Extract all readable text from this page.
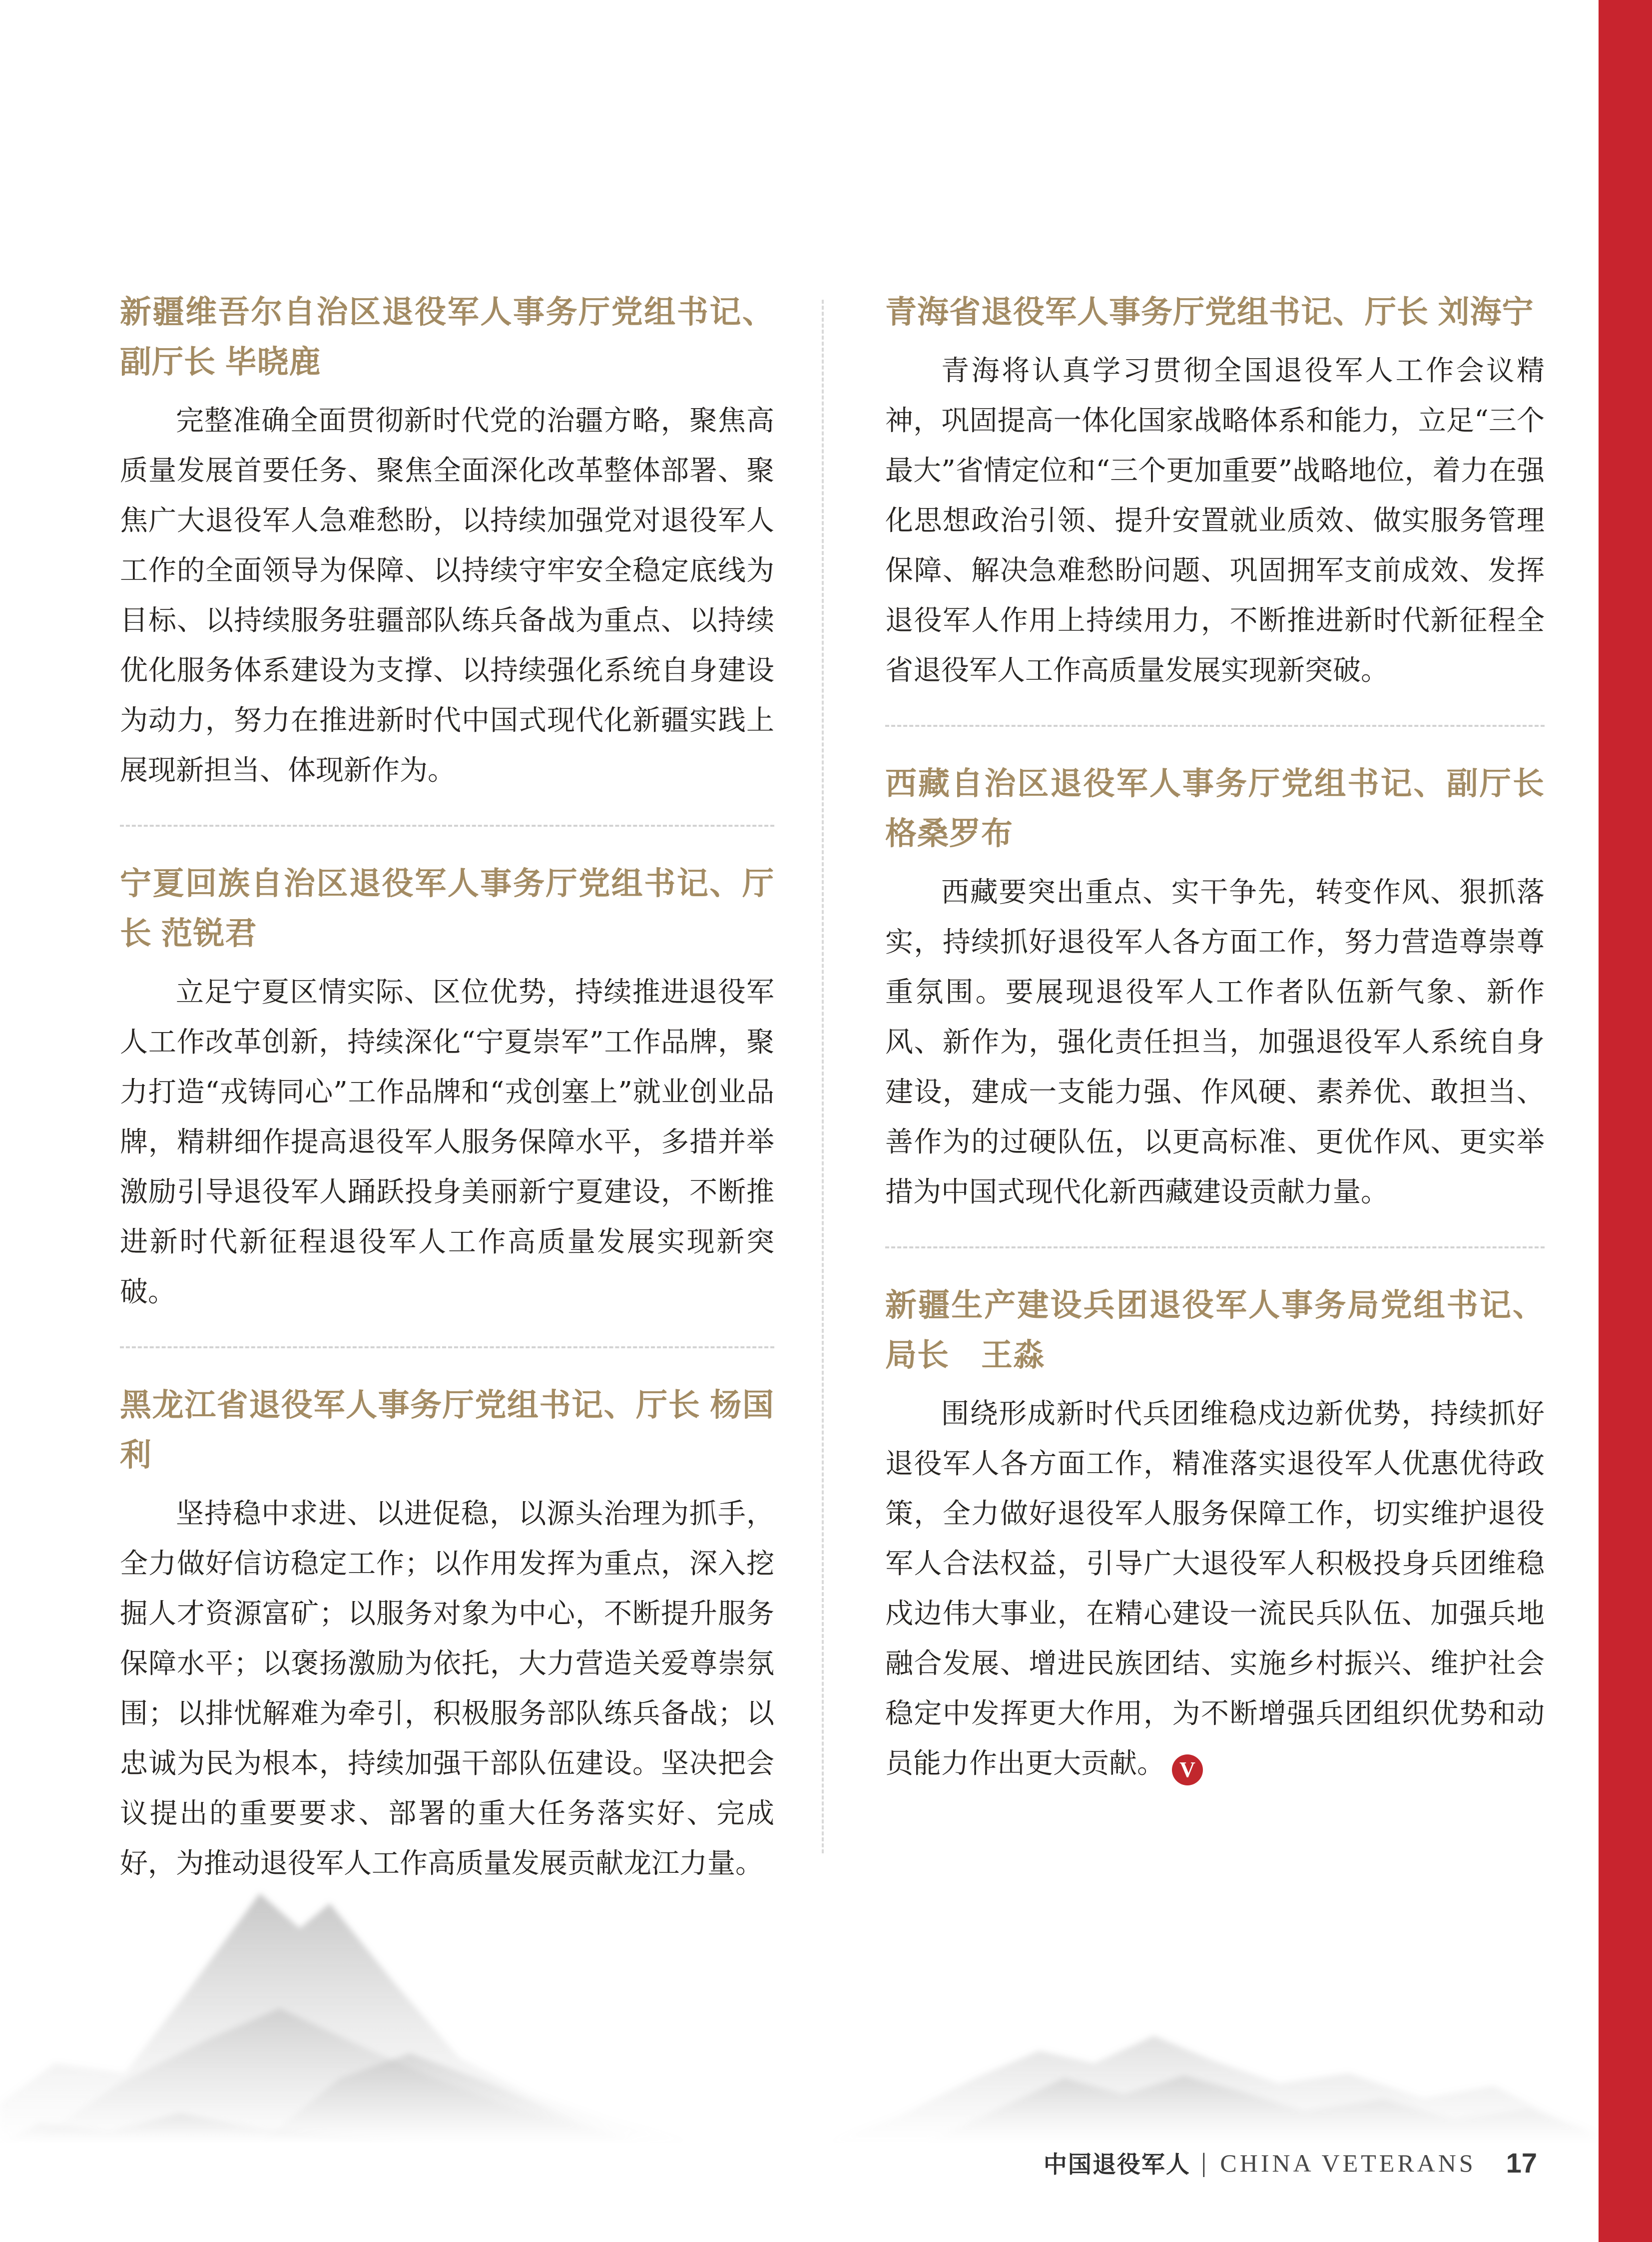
新疆维吾尔自治区退役军人事务厅党组书记、副厅长 毕晓鹿

完整准确全面贯彻新时代党的治疆方略，聚焦高质量发展首要任务、聚焦全面深化改革整体部署、聚焦广大退役军人急难愁盼，以持续加强党对退役军人工作的全面领导为保障、以持续守牢安全稳定底线为目标、以持续服务驻疆部队练兵备战为重点、以持续优化服务体系建设为支撑、以持续强化系统自身建设为动力，努力在推进新时代中国式现代化新疆实践上展现新担当、体现新作为。

宁夏回族自治区退役军人事务厅党组书记、厅长 范锐君

立足宁夏区情实际、区位优势，持续推进退役军人工作改革创新，持续深化“宁夏崇军”工作品牌，聚力打造“戎铸同心”工作品牌和“戎创塞上”就业创业品牌，精耕细作提高退役军人服务保障水平，多措并举激励引导退役军人踊跃投身美丽新宁夏建设，不断推进新时代新征程退役军人工作高质量发展实现新突破。

黑龙江省退役军人事务厅党组书记、厅长 杨国利

坚持稳中求进、以进促稳，以源头治理为抓手，全力做好信访稳定工作；以作用发挥为重点，深入挖掘人才资源富矿；以服务对象为中心，不断提升服务保障水平；以褒扬激励为依托，大力营造关爱尊崇氛围；以排忧解难为牵引，积极服务部队练兵备战；以忠诚为民为根本，持续加强干部队伍建设。坚决把会议提出的重要要求、部署的重大任务落实好、完成好，为推动退役军人工作高质量发展贡献龙江力量。

青海省退役军人事务厅党组书记、厅长 刘海宁

青海将认真学习贯彻全国退役军人工作会议精神，巩固提高一体化国家战略体系和能力，立足“三个最大”省情定位和“三个更加重要”战略地位，着力在强化思想政治引领、提升安置就业质效、做实服务管理保障、解决急难愁盼问题、巩固拥军支前成效、发挥退役军人作用上持续用力，不断推进新时代新征程全省退役军人工作高质量发展实现新突破。

西藏自治区退役军人事务厅党组书记、副厅长 格桑罗布

西藏要突出重点、实干争先，转变作风、狠抓落实，持续抓好退役军人各方面工作，努力营造尊崇尊重氛围。要展现退役军人工作者队伍新气象、新作风、新作为，强化责任担当，加强退役军人系统自身建设，建成一支能力强、作风硬、素养优、敢担当、善作为的过硬队伍，以更高标准、更优作风、更实举措为中国式现代化新西藏建设贡献力量。

新疆生产建设兵团退役军人事务局党组书记、局长　王淼

围绕形成新时代兵团维稳戍边新优势，持续抓好退役军人各方面工作，精准落实退役军人优惠优待政策，全力做好退役军人服务保障工作，切实维护退役军人合法权益，引导广大退役军人积极投身兵团维稳戍边伟大事业，在精心建设一流民兵队伍、加强兵地融合发展、增进民族团结、实施乡村振兴、维护社会稳定中发挥更大作用，为不断增强兵团组织优势和动员能力作出更大贡献。 V

中国退役军人 | CHINA VETERANS 17
